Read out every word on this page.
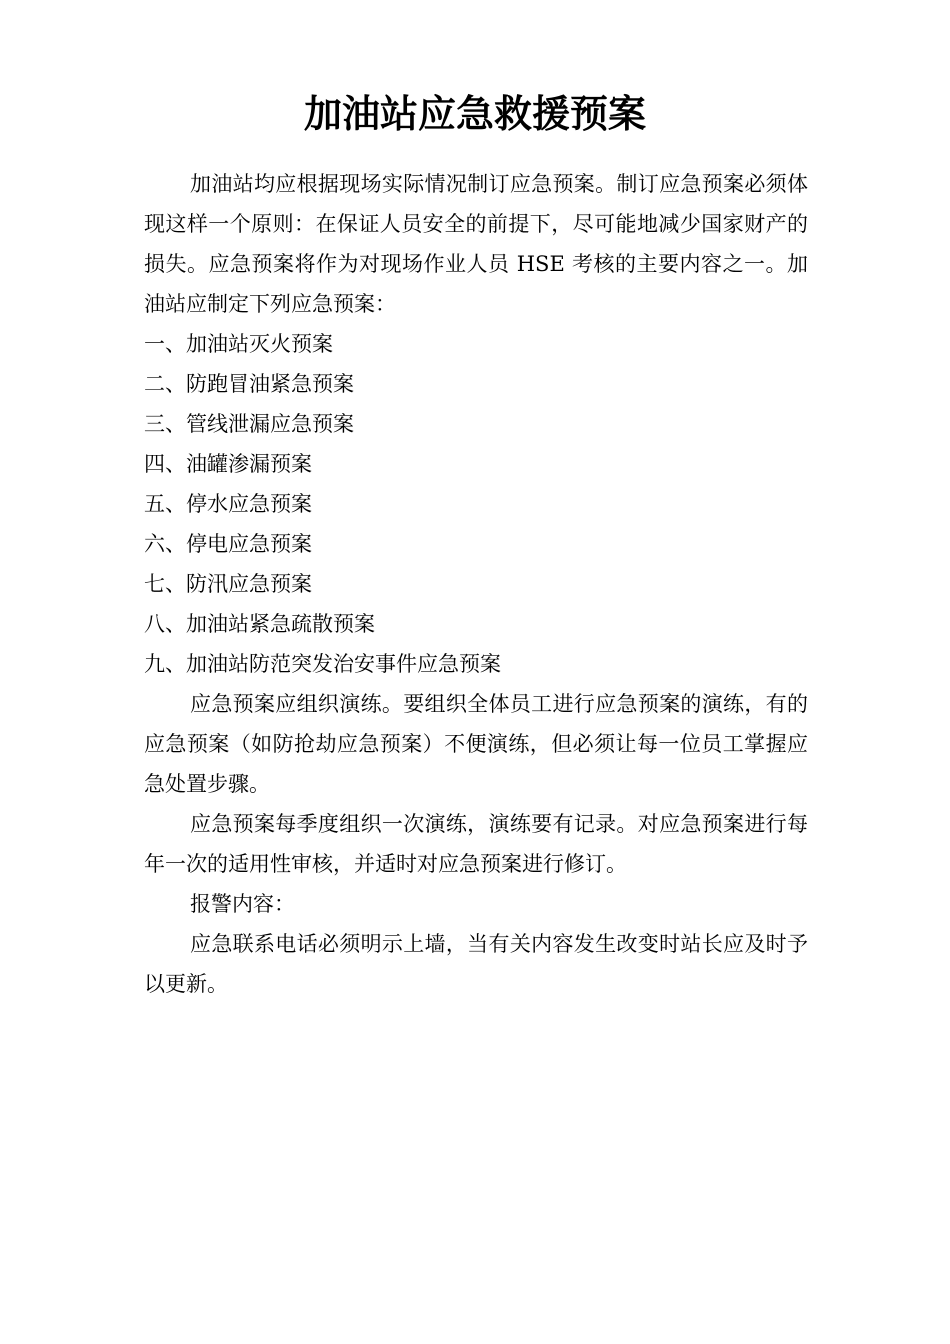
加油站应急救援预案

加油站均应根据现场实际情况制订应急预案。制订应急预案必须体现这样一个原则：在保证人员安全的前提下，尽可能地减少国家财产的损失。应急预案将作为对现场作业人员 HSE 考核的主要内容之一。加油站应制定下列应急预案：

一、加油站灭火预案

二、防跑冒油紧急预案

三、管线泄漏应急预案

四、油罐渗漏预案

五、停水应急预案

六、停电应急预案

七、防汛应急预案

八、加油站紧急疏散预案

九、加油站防范突发治安事件应急预案

应急预案应组织演练。要组织全体员工进行应急预案的演练，有的应急预案（如防抢劫应急预案）不便演练，但必须让每一位员工掌握应急处置步骤。

应急预案每季度组织一次演练，演练要有记录。对应急预案进行每年一次的适用性审核，并适时对应急预案进行修订。

报警内容：

应急联系电话必须明示上墙，当有关内容发生改变时站长应及时予以更新。
